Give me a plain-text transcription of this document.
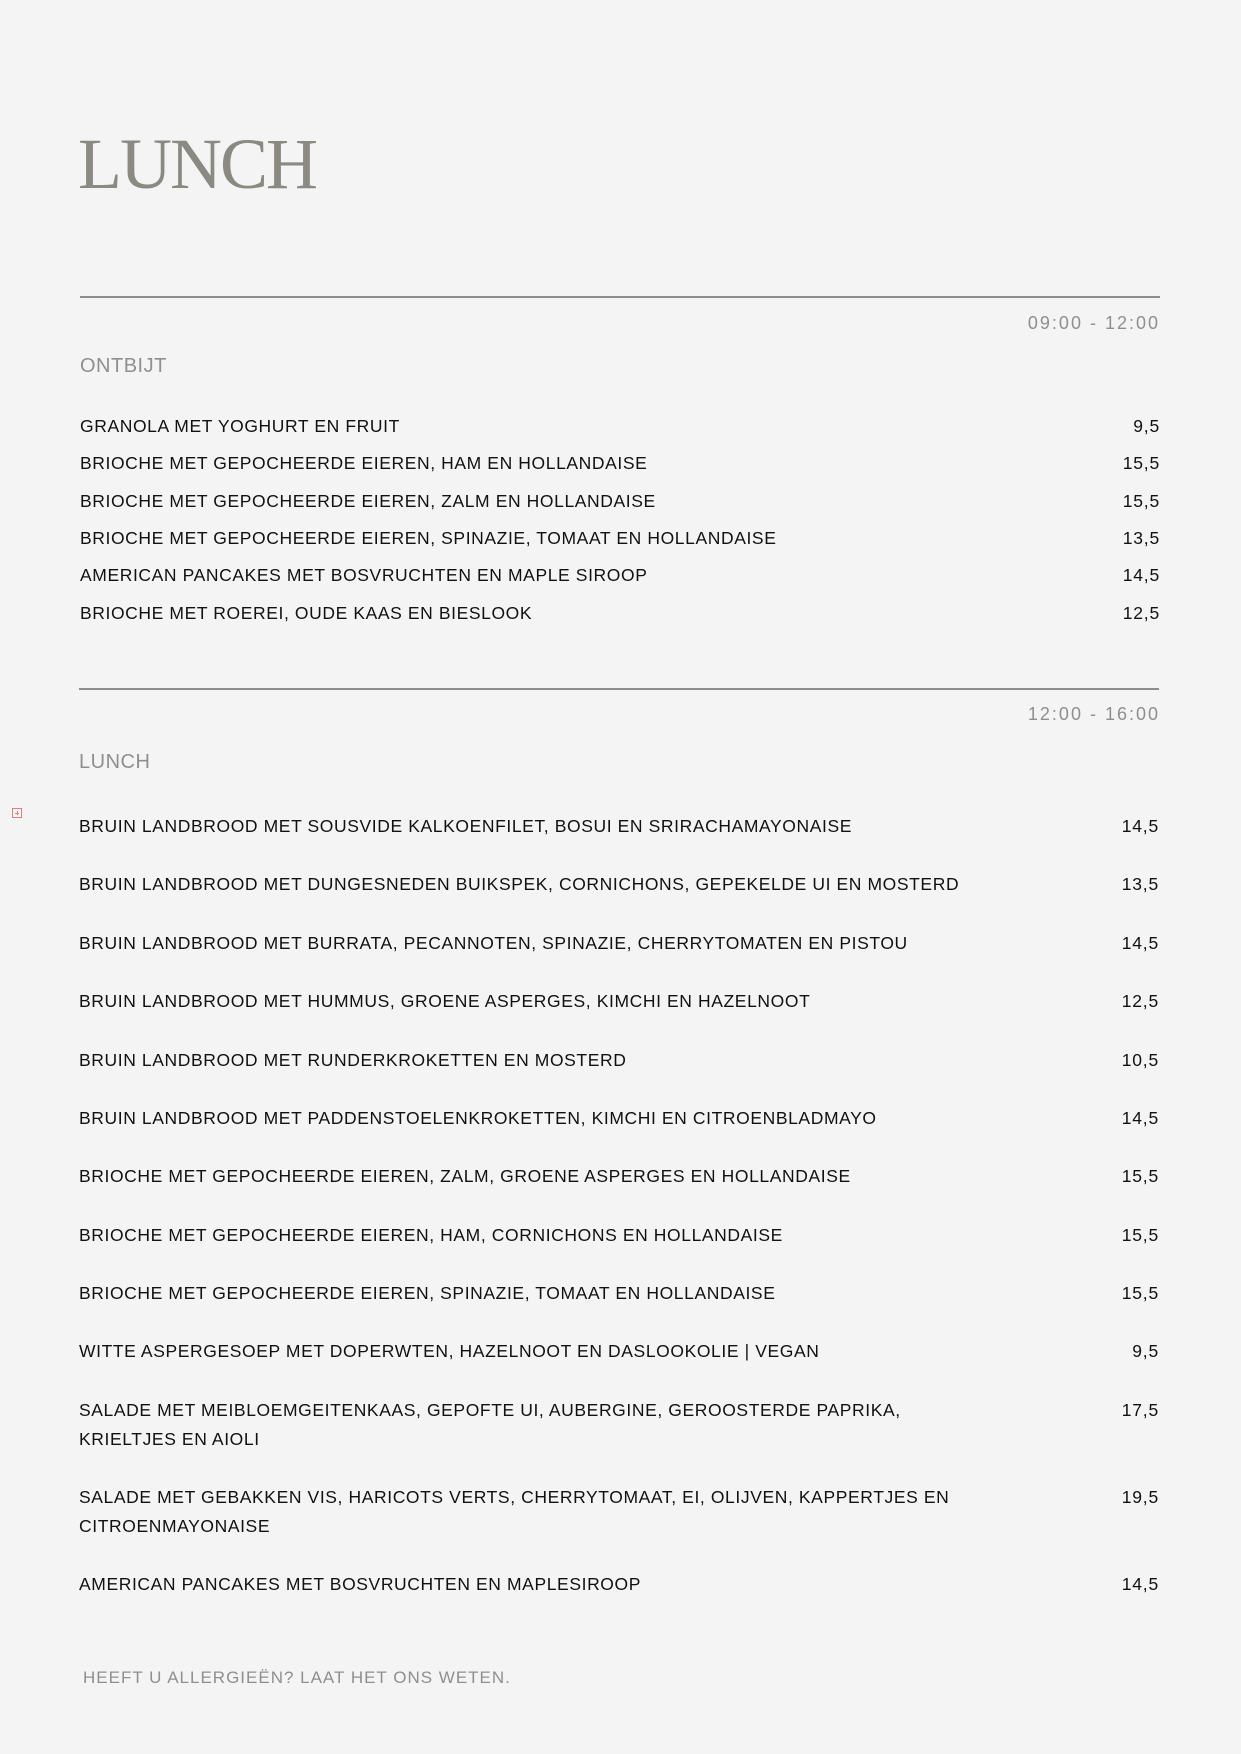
LUNCH
09:00 - 12:00
ONTBIJT
GRANOLA MET YOGHURT EN FRUIT	9,5
BRIOCHE MET GEPOCHEERDE EIEREN, HAM EN HOLLANDAISE	15,5
BRIOCHE MET GEPOCHEERDE EIEREN, ZALM EN HOLLANDAISE	15,5
BRIOCHE MET GEPOCHEERDE EIEREN, SPINAZIE, TOMAAT EN HOLLANDAISE	13,5
AMERICAN PANCAKES MET BOSVRUCHTEN EN MAPLE SIROOP	14,5
BRIOCHE MET ROEREI, OUDE KAAS EN BIESLOOK	12,5
12:00 - 16:00
LUNCH
BRUIN LANDBROOD MET SOUSVIDE KALKOENFILET, BOSUI EN SRIRACHAMAYONAISE	14,5
BRUIN LANDBROOD MET DUNGESNEDEN BUIKSPEK, CORNICHONS, GEPEKELDE UI EN MOSTERD	13,5
BRUIN LANDBROOD MET BURRATA, PECANNOTEN, SPINAZIE, CHERRYTOMATEN EN PISTOU	14,5
BRUIN LANDBROOD MET HUMMUS, GROENE ASPERGES, KIMCHI EN HAZELNOOT	12,5
BRUIN LANDBROOD MET RUNDERKROKETTEN EN MOSTERD	10,5
BRUIN LANDBROOD MET PADDENSTOELENKROKETTEN, KIMCHI EN CITROENBLADMAYO	14,5
BRIOCHE MET GEPOCHEERDE EIEREN, ZALM, GROENE ASPERGES EN HOLLANDAISE	15,5
BRIOCHE MET GEPOCHEERDE EIEREN, HAM, CORNICHONS EN HOLLANDAISE	15,5
BRIOCHE MET GEPOCHEERDE EIEREN, SPINAZIE, TOMAAT EN HOLLANDAISE	15,5
WITTE ASPERGESOEP MET DOPERWTEN, HAZELNOOT EN DASLOOKOLIE | VEGAN	9,5
SALADE MET MEIBLOEMGEITENKAAS, GEPOFTE UI, AUBERGINE, GEROOSTERDE PAPRIKA, KRIELTJES EN AIOLI
17,5
SALADE MET GEBAKKEN VIS, HARICOTS VERTS, CHERRYTOMAAT, EI, OLIJVEN, KAPPERTJES EN CITROENMAYONAISE
19,5
AMERICAN PANCAKES MET BOSVRUCHTEN EN MAPLESIROOP	14,5
HEEFT U ALLERGIEËN? LAAT HET ONS WETEN.
